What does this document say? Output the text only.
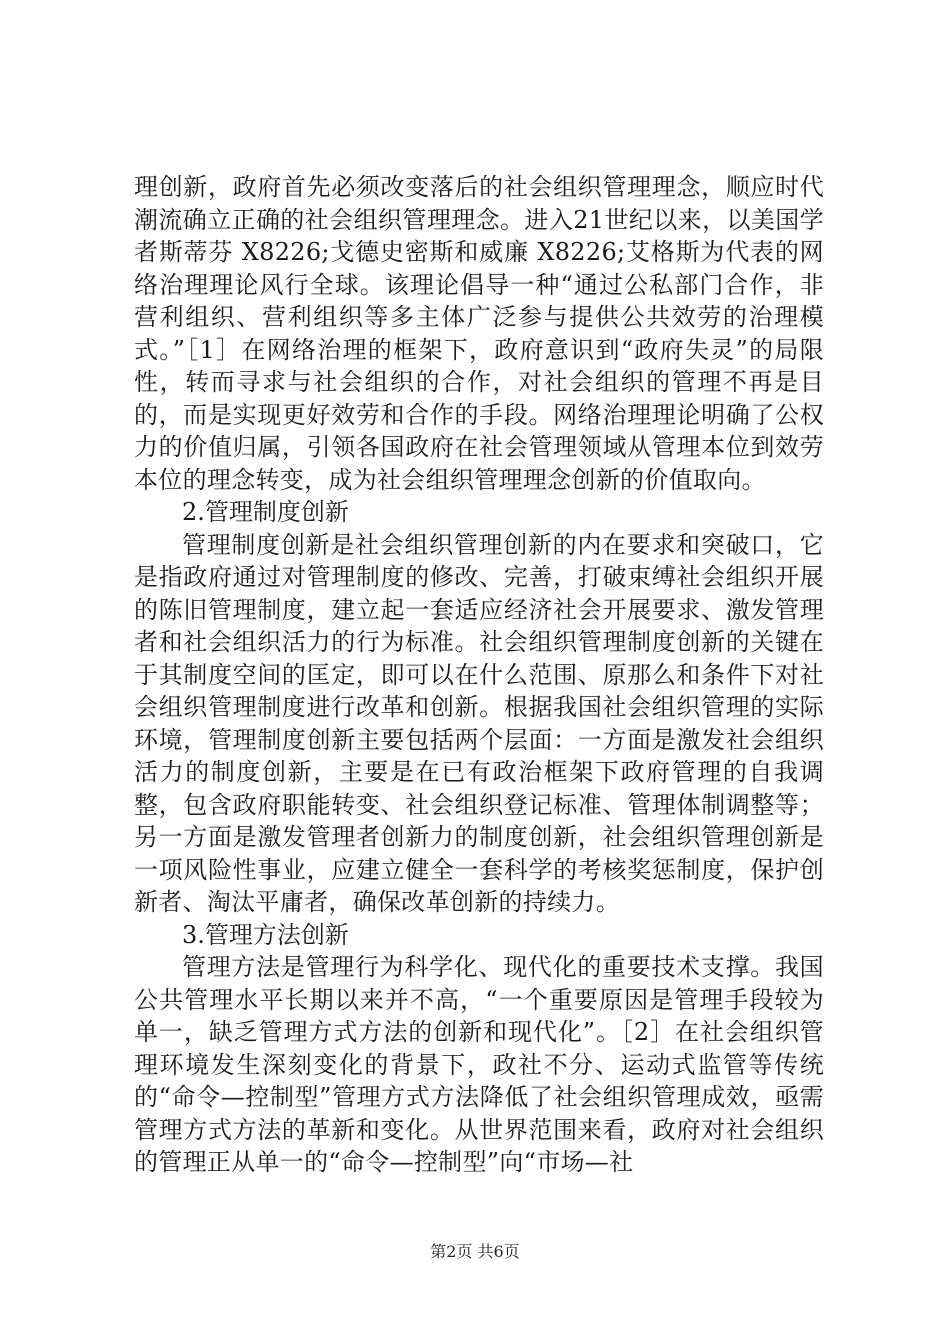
理创新，政府首先必须改变落后的社会组织管理理念，顺应时代潮流确立正确的社会组织管理理念。进入21世纪以来，以美国学者斯蒂芬 X8226;戈德史密斯和威廉 X8226;艾格斯为代表的网络治理理论风行全球。该理论倡导一种“通过公私部门合作，非营利组织、营利组织等多主体广泛参与提供公共效劳的治理模式。”［1］在网络治理的框架下，政府意识到“政府失灵”的局限性，转而寻求与社会组织的合作，对社会组织的管理不再是目的，而是实现更好效劳和合作的手段。网络治理理论明确了公权力的价值归属，引领各国政府在社会管理领域从管理本位到效劳本位的理念转变，成为社会组织管理理念创新的价值取向。

2.管理制度创新

管理制度创新是社会组织管理创新的内在要求和突破口，它是指政府通过对管理制度的修改、完善，打破束缚社会组织开展的陈旧管理制度，建立起一套适应经济社会开展要求、激发管理者和社会组织活力的行为标准。社会组织管理制度创新的关键在于其制度空间的匡定，即可以在什么范围、原那么和条件下对社会组织管理制度进行改革和创新。根据我国社会组织管理的实际环境，管理制度创新主要包括两个层面：一方面是激发社会组织活力的制度创新，主要是在已有政治框架下政府管理的自我调整，包含政府职能转变、社会组织登记标准、管理体制调整等；另一方面是激发管理者创新力的制度创新，社会组织管理创新是一项风险性事业，应建立健全一套科学的考核奖惩制度，保护创新者、淘汰平庸者，确保改革创新的持续力。

3.管理方法创新

管理方法是管理行为科学化、现代化的重要技术支撑。我国公共管理水平长期以来并不高，“一个重要原因是管理手段较为单一，缺乏管理方式方法的创新和现代化”。［2］在社会组织管理环境发生深刻变化的背景下，政社不分、运动式监管等传统的“命令—控制型”管理方式方法降低了社会组织管理成效，亟需管理方式方法的革新和变化。从世界范围来看，政府对社会组织的管理正从单一的“命令—控制型”向“市场—社

第2页 共6页
